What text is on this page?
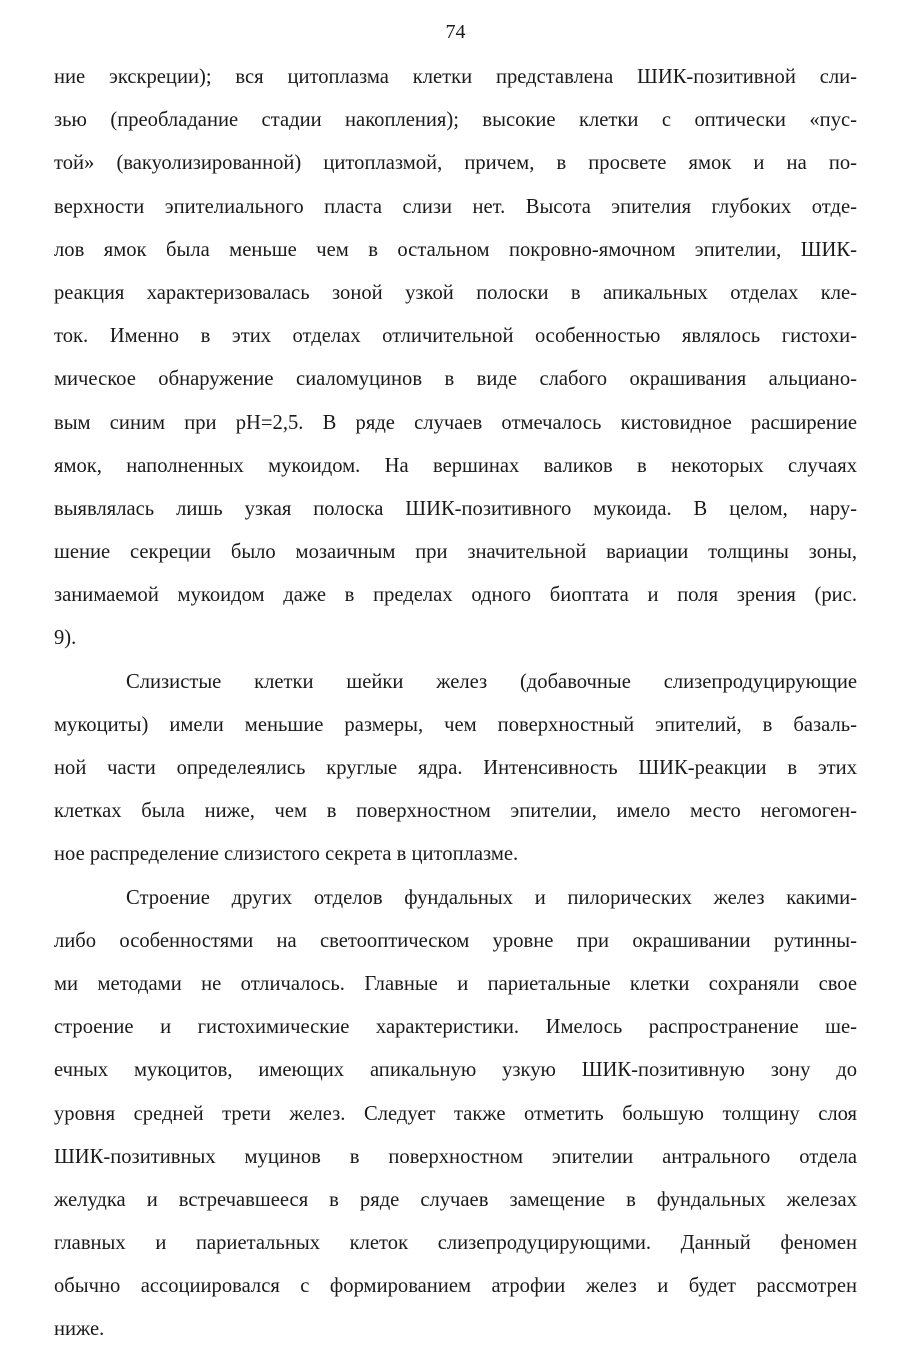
74
ние экскреции); вся цитоплазма клетки представлена ШИК-позитивной сли-
зью (преобладание стадии накопления); высокие клетки с оптически «пус-
той» (вакуолизированной) цитоплазмой, причем, в просвете ямок и на по-
верхности эпителиального пласта слизи нет. Высота эпителия глубоких отде-
лов ямок была меньше чем в остальном покровно-ямочном эпителии, ШИК-
реакция характеризовалась зоной узкой полоски в апикальных отделах кле-
ток. Именно в этих отделах отличительной особенностью являлось гистохи-
мическое обнаружение сиаломуцинов в виде слабого окрашивания альциано-
вым синим при рН=2,5. В ряде случаев отмечалось кистовидное расширение
ямок, наполненных мукоидом. На вершинах валиков в некоторых случаях
выявлялась лишь узкая полоска ШИК-позитивного мукоида. В целом, нару-
шение секреции было мозаичным при значительной вариации толщины зоны,
занимаемой мукоидом даже в пределах одного биоптата и поля зрения (рис.
9).
Слизистые клетки шейки желез (добавочные слизепродуцирующие
мукоциты) имели меньшие размеры, чем поверхностный эпителий, в базаль-
ной части определеялись круглые ядра. Интенсивность ШИК-реакции в этих
клетках была ниже, чем в поверхностном эпителии, имело место негомоген-
ное распределение слизистого секрета в цитоплазме.
Строение других отделов фундальных и пилорических желез какими-
либо особенностями на светооптическом уровне при окрашивании рутинны-
ми методами не отличалось. Главные и париетальные клетки сохраняли свое
строение и гистохимические характеристики. Имелось распространение ше-
ечных мукоцитов, имеющих апикальную узкую ШИК-позитивную зону до
уровня средней трети желез. Следует также отметить большую толщину слоя
ШИК-позитивных муцинов в поверхностном эпителии антрального отдела
желудка и встречавшееся в ряде случаев замещение в фундальных железах
главных и париетальных клеток слизепродуцирующими. Данный феномен
обычно ассоциировался с формированием атрофии желез и будет рассмотрен
ниже.
